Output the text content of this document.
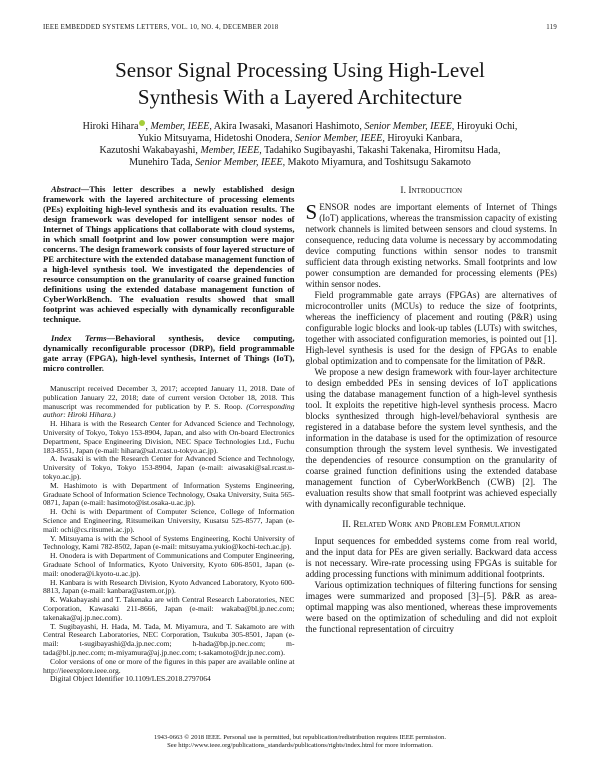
IEEE EMBEDDED SYSTEMS LETTERS, VOL. 10, NO. 4, DECEMBER 2018	119
Sensor Signal Processing Using High-Level
Synthesis With a Layered Architecture
Hiroki Hihara , Member, IEEE, Akira Iwasaki, Masanori Hashimoto, Senior Member, IEEE, Hiroyuki Ochi,
Yukio Mitsuyama, Hidetoshi Onodera, Senior Member, IEEE, Hiroyuki Kanbara,
Kazutoshi Wakabayashi, Member, IEEE, Tadahiko Sugibayashi, Takashi Takenaka, Hiromitsu Hada,
Munehiro Tada, Senior Member, IEEE, Makoto Miyamura, and Toshitsugu Sakamoto

Abstract—This letter describes a newly established design framework with the layered architecture of processing elements (PEs) exploiting high-level synthesis and its evaluation results. The design framework was developed for intelligent sensor nodes of Internet of Things applications that collaborate with cloud systems, in which small footprint and low power consumption were major concerns. The design framework consists of four layered structure of PE architecture with the extended database management function of a high-level synthesis tool. We investigated the dependencies of resource consumption on the granularity of coarse grained function definitions using the extended database management function of CyberWorkBench. The evaluation results showed that small footprint was achieved especially with dynamically reconfigurable technique.

Index Terms—Behavioral synthesis, device computing, dynamically reconfigurable processor (DRP), field programmable gate array (FPGA), high-level synthesis, Internet of Things (IoT), micro controller.

Manuscript received December 3, 2017; accepted January 11, 2018. Date of publication January 22, 2018; date of current version October 18, 2018. This manuscript was recommended for publication by P. S. Roop. (Corresponding author: Hiroki Hihara.)

H. Hihara is with the Research Center for Advanced Science and Technology, University of Tokyo, Tokyo 153-8904, Japan, and also with On-board Electronics Department, Space Engineering Division, NEC Space Technologies Ltd., Fuchu 183-8551, Japan (e-mail: hihara@sal.rcast.u-tokyo.ac.jp).

A. Iwasaki is with the Research Center for Advanced Science and Technology, University of Tokyo, Tokyo 153-8904, Japan (e-mail: aiwasaki@sal.rcast.u-tokyo.ac.jp).

M. Hashimoto is with Department of Information Systems Engineering, Graduate School of Information Science Technology, Osaka University, Suita 565-0871, Japan (e-mail: hasimoto@ist.osaka-u.ac.jp).

H. Ochi is with Department of Computer Science, College of Information Science and Engineering, Ritsumeikan University, Kusatsu 525-8577, Japan (e-mail: ochi@cs.ritsumei.ac.jp).

Y. Mitsuyama is with the School of Systems Engineering, Kochi University of Technology, Kami 782-8502, Japan (e-mail: mitsuyama.yukio@kochi-tech.ac.jp).

H. Onodera is with Department of Communications and Computer Engineering, Graduate School of Informatics, Kyoto University, Kyoto 606-8501, Japan (e-mail: onodera@i.kyoto-u.ac.jp).

H. Kanbara is with Research Division, Kyoto Advanced Laboratory, Kyoto 600-8813, Japan (e-mail: kanbara@astem.or.jp).

K. Wakabayashi and T. Takenaka are with Central Research Laboratories, NEC Corporation, Kawasaki 211-8666, Japan (e-mail: wakaba@bl.jp.nec.com; takenaka@aj.jp.nec.com).

T. Sugibayashi, H. Hada, M. Tada, M. Miyamura, and T. Sakamoto are with Central Research Laboratories, NEC Corporation, Tsukuba 305-8501, Japan (e-mail: t-sugibayashi@da.jp.nec.com; h-hada@bp.jp.nec.com; m-tada@bl.jp.nec.com; m-miyamura@aj.jp.nec.com; t-sakamoto@dr.jp.nec.com).

Color versions of one or more of the figures in this paper are available online at http://ieeexplore.ieee.org.

Digital Object Identifier 10.1109/LES.2018.2797064

I. Introduction

SENSOR nodes are important elements of Internet of Things (IoT) applications, whereas the transmission capacity of existing network channels is limited between sensors and cloud systems. In consequence, reducing data volume is necessary by accommodating device computing functions within sensor nodes to transmit sufficient data through existing networks. Small footprints and low power consumption are demanded for processing elements (PEs) within sensor nodes.

Field programmable gate arrays (FPGAs) are alternatives of microcontroller units (MCUs) to reduce the size of footprints, whereas the inefficiency of placement and routing (P&R) using configurable logic blocks and look-up tables (LUTs) with switches, together with associated configuration memories, is pointed out [1]. High-level synthesis is used for the design of FPGAs to enable global optimization and to compensate for the limitation of P&R.

We propose a new design framework with four-layer architecture to design embedded PEs in sensing devices of IoT applications using the database management function of a high-level synthesis tool. It exploits the repetitive high-level synthesis process. Macro blocks synthesized through high-level/behavioral synthesis are registered in a database before the system level synthesis, and the information in the database is used for the optimization of resource consumption through the system level synthesis. We investigated the dependencies of resource consumption on the granularity of coarse grained function definitions using the extended database management function of CyberWorkBench (CWB) [2]. The evaluation results show that small footprint was achieved especially with dynamically reconfigurable technique.

II. Related Work and Problem Formulation

Input sequences for embedded systems come from real world, and the input data for PEs are given serially. Backward data access is not necessary. Wire-rate processing using FPGAs is suitable for adding processing functions with minimum additional footprints.

Various optimization techniques of filtering functions for sensing images were summarized and proposed [3]–[5]. P&R as area-optimal mapping was also mentioned, whereas these improvements were based on the optimization of scheduling and did not exploit the functional representation of circuitry

1943-0663 © 2018 IEEE. Personal use is permitted, but republication/redistribution requires IEEE permission.
See http://www.ieee.org/publications_standards/publications/rights/index.html for more information.
